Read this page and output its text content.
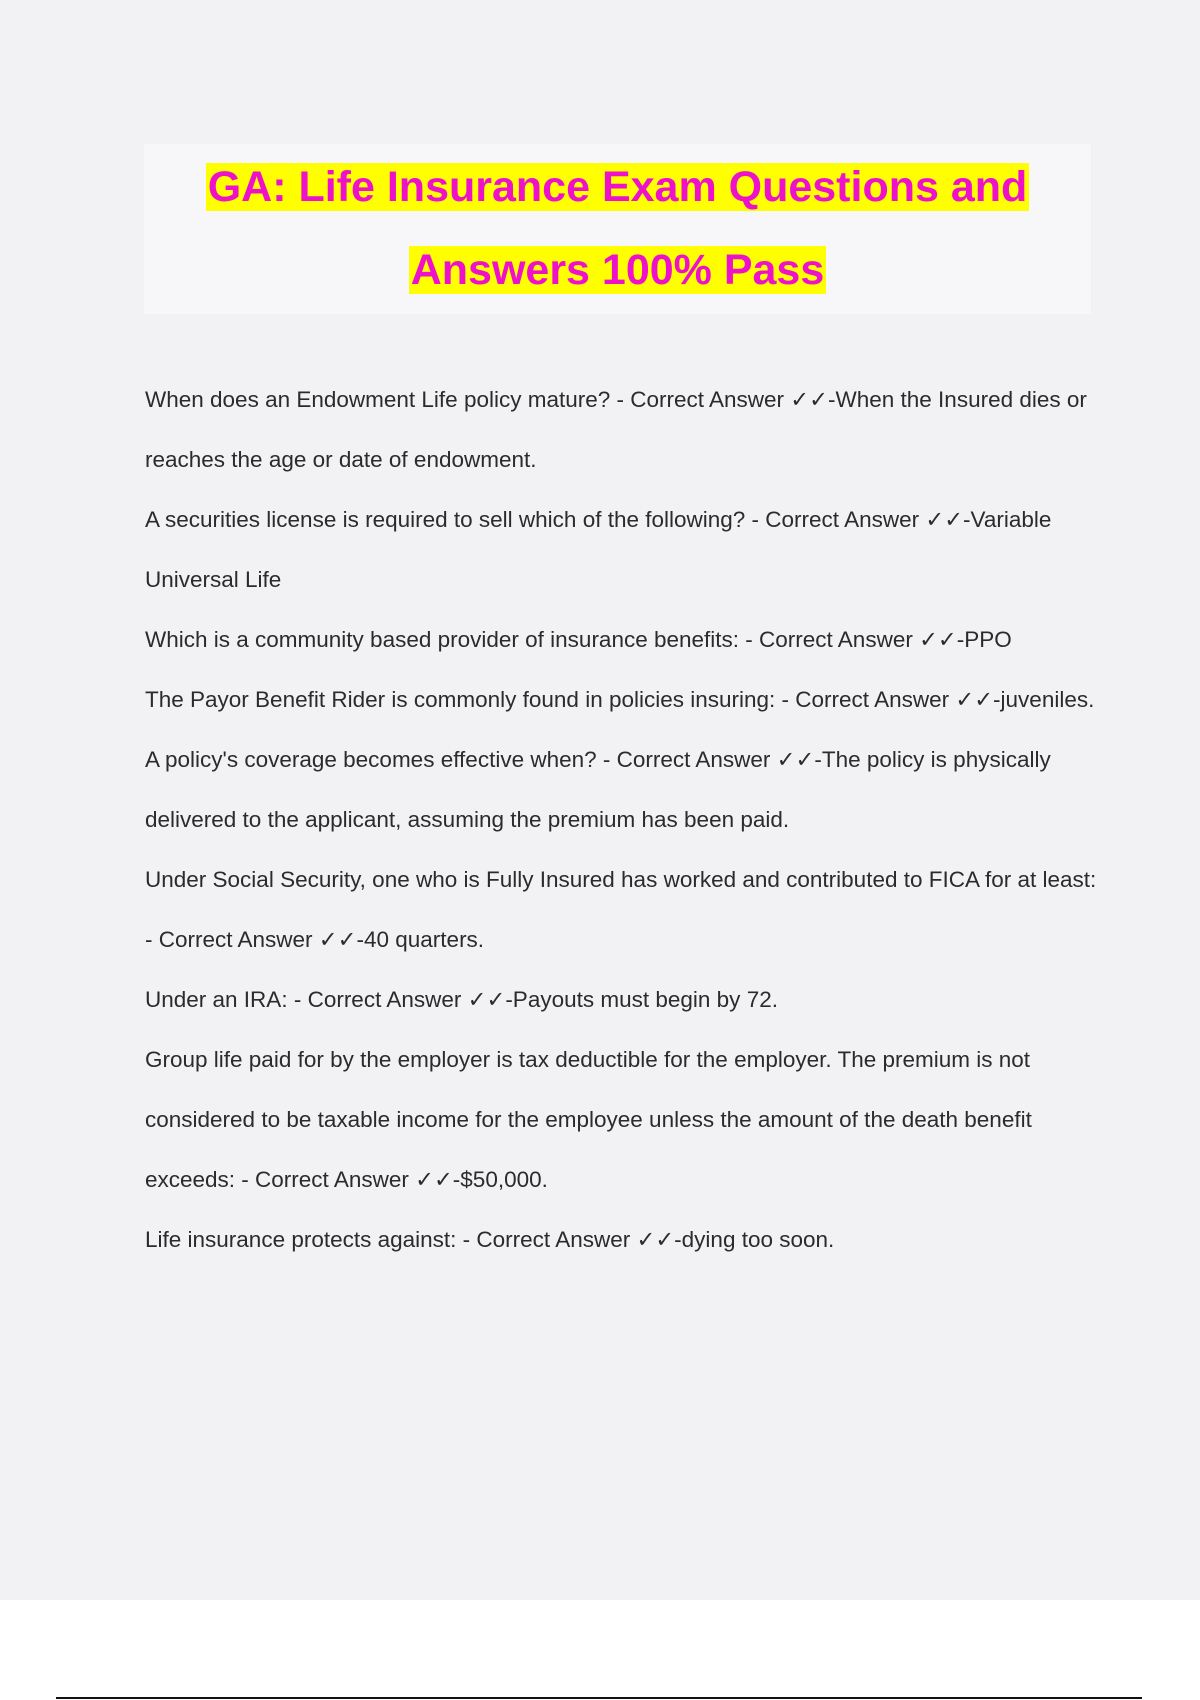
GA: Life Insurance Exam Questions and
Answers 100% Pass

When does an Endowment Life policy mature? - Correct Answer ✓✓-When the Insured dies or reaches the age or date of endowment.

A securities license is required to sell which of the following? - Correct Answer ✓✓-Variable Universal Life

Which is a community based provider of insurance benefits: - Correct Answer ✓✓-PPO

The Payor Benefit Rider is commonly found in policies insuring: - Correct Answer ✓✓-juveniles.

A policy's coverage becomes effective when? - Correct Answer ✓✓-The policy is physically delivered to the applicant, assuming the premium has been paid.

Under Social Security, one who is Fully Insured has worked and contributed to FICA for at least: - Correct Answer ✓✓-40 quarters.

Under an IRA: - Correct Answer ✓✓-Payouts must begin by 72.

Group life paid for by the employer is tax deductible for the employer. The premium is not considered to be taxable income for the employee unless the amount of the death benefit exceeds: - Correct Answer ✓✓-$50,000.

Life insurance protects against: - Correct Answer ✓✓-dying too soon.
